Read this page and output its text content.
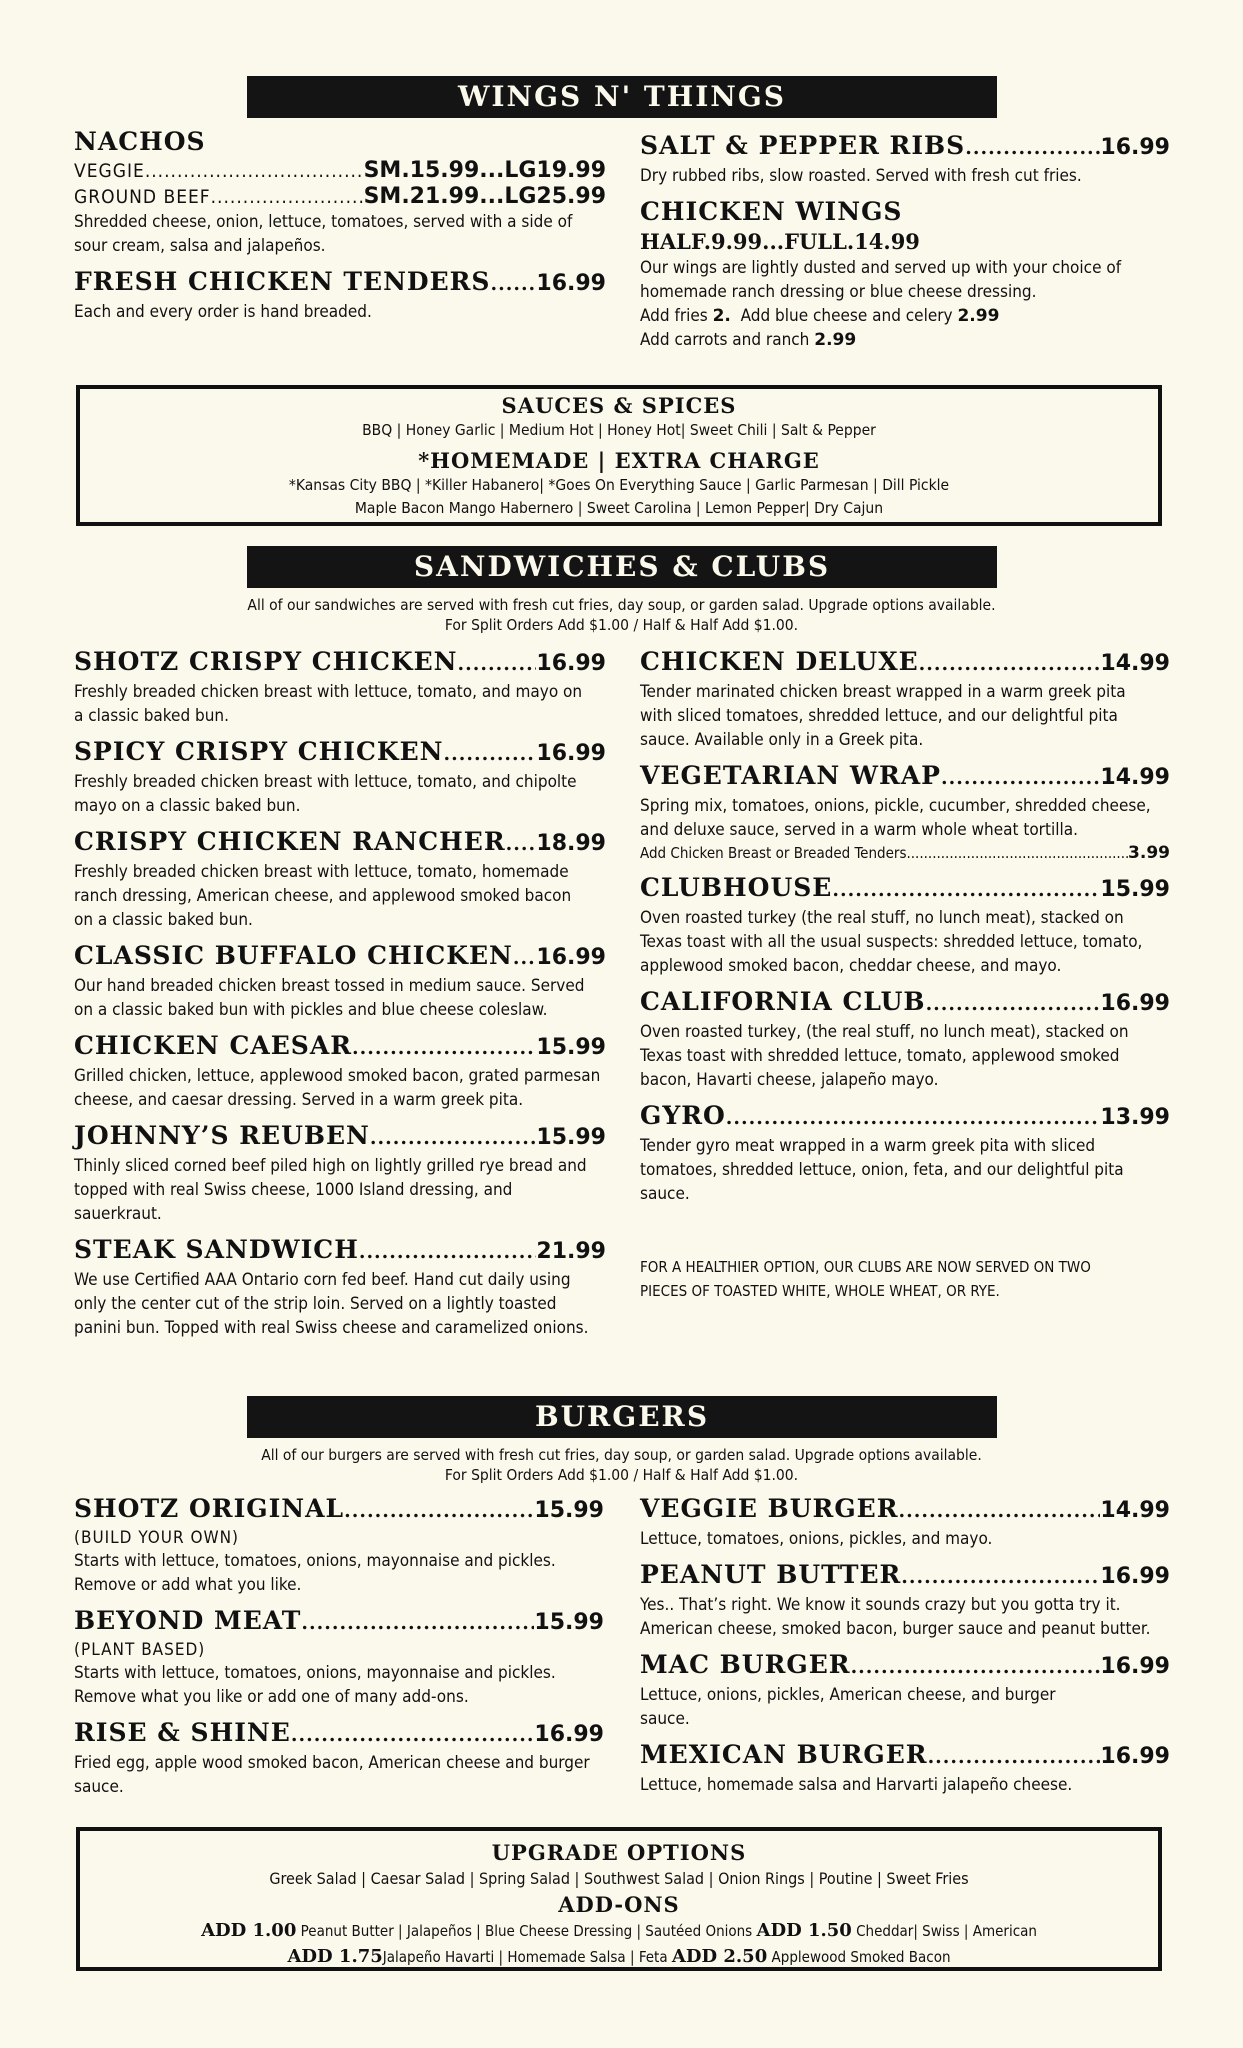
WINGS N' THINGS
NACHOS
VEGGIE .....	SM.15.99...LG19.99
GROUND BEEF .....	SM.21.99...LG25.99
Shredded cheese, onion, lettuce, tomatoes, served with a side of sour cream, salsa and jalapeños.
FRESH CHICKEN TENDERS ..... 16.99
Each and every order is hand breaded.
SALT & PEPPER RIBS .....	16.99
Dry rubbed ribs, slow roasted. Served with fresh cut fries.
CHICKEN WINGS
HALF.9.99...FULL.14.99
Our wings are lightly dusted and served up with your choice of homemade ranch dressing or blue cheese dressing.
Add fries 2. Add blue cheese and celery 2.99
Add carrots and ranch 2.99
SAUCES & SPICES
BBQ | Honey Garlic | Medium Hot | Honey Hot| Sweet Chili | Salt & Pepper
*HOMEMADE | EXTRA CHARGE
*Kansas City BBQ | *Killer Habanero| *Goes On Everything Sauce | Garlic Parmesan | Dill Pickle
Maple Bacon Mango Habernero | Sweet Carolina | Lemon Pepper| Dry Cajun
SANDWICHES & CLUBS
All of our sandwiches are served with fresh cut fries, day soup, or garden salad. Upgrade options available.
For Split Orders Add $1.00 / Half & Half Add $1.00.
SHOTZ CRISPY CHICKEN .....	16.99
Freshly breaded chicken breast with lettuce, tomato, and mayo on a classic baked bun.
SPICY CRISPY CHICKEN .....	16.99
Freshly breaded chicken breast with lettuce, tomato, and chipolte mayo on a classic baked bun.
CRISPY CHICKEN RANCHER ..... 18.99
Freshly breaded chicken breast with lettuce, tomato, homemade ranch dressing, American cheese, and applewood smoked bacon on a classic baked bun.
CLASSIC BUFFALO CHICKEN ..... 16.99
Our hand breaded chicken breast tossed in medium sauce. Served on a classic baked bun with pickles and blue cheese coleslaw.
CHICKEN CAESAR .....	15.99
Grilled chicken, lettuce, applewood smoked bacon, grated parmesan cheese, and caesar dressing. Served in a warm greek pita.
JOHNNY’S REUBEN .....	15.99
Thinly sliced corned beef piled high on lightly grilled rye bread and topped with real Swiss cheese, 1000 Island dressing, and sauerkraut.
STEAK SANDWICH .....	21.99
We use Certified AAA Ontario corn fed beef. Hand cut daily using only the center cut of the strip loin. Served on a lightly toasted panini bun. Topped with real Swiss cheese and caramelized onions.
CHICKEN DELUXE .....	14.99
Tender marinated chicken breast wrapped in a warm greek pita with sliced tomatoes, shredded lettuce, and our delightful pita sauce. Available only in a Greek pita.
VEGETARIAN WRAP .....	14.99
Spring mix, tomatoes, onions, pickle, cucumber, shredded cheese, and deluxe sauce, served in a warm whole wheat tortilla.
Add Chicken Breast or Breaded Tenders .....	3.99
CLUBHOUSE .....	15.99
Oven roasted turkey (the real stuff, no lunch meat), stacked on Texas toast with all the usual suspects: shredded lettuce, tomato, applewood smoked bacon, cheddar cheese, and mayo.
CALIFORNIA CLUB .....	16.99
Oven roasted turkey, (the real stuff, no lunch meat), stacked on Texas toast with shredded lettuce, tomato, applewood smoked bacon, Havarti cheese, jalapeño mayo.
GYRO .....	13.99
Tender gyro meat wrapped in a warm greek pita with sliced tomatoes, shredded lettuce, onion, feta, and our delightful pita sauce.
FOR A HEALTHIER OPTION, OUR CLUBS ARE NOW SERVED ON TWO PIECES OF TOASTED WHITE, WHOLE WHEAT, OR RYE.
BURGERS
All of our burgers are served with fresh cut fries, day soup, or garden salad. Upgrade options available.
For Split Orders Add $1.00 / Half & Half Add $1.00.
SHOTZ ORIGINAL .....	15.99
(BUILD YOUR OWN)
Starts with lettuce, tomatoes, onions, mayonnaise and pickles. Remove or add what you like.
BEYOND MEAT .....	15.99
(PLANT BASED)
Starts with lettuce, tomatoes, onions, mayonnaise and pickles. Remove what you like or add one of many add-ons.
RISE & SHINE .....	16.99
Fried egg, apple wood smoked bacon, American cheese and burger sauce.
VEGGIE BURGER .....	14.99
Lettuce, tomatoes, onions, pickles, and mayo.
PEANUT BUTTER .....	16.99
Yes.. That’s right. We know it sounds crazy but you gotta try it. American cheese, smoked bacon, burger sauce and peanut butter.
MAC BURGER .....	16.99
Lettuce, onions, pickles, American cheese, and burger sauce.
MEXICAN BURGER .....	16.99
Lettuce, homemade salsa and Harvarti jalapeño cheese.
UPGRADE OPTIONS
Greek Salad | Caesar Salad | Spring Salad | Southwest Salad | Onion Rings | Poutine | Sweet Fries
ADD-ONS
ADD 1.00 Peanut Butter | Jalapeños | Blue Cheese Dressing | Sautéed Onions ADD 1.50 Cheddar| Swiss | American
ADD 1.75Jalapeño Havarti | Homemade Salsa | Feta ADD 2.50 Applewood Smoked Bacon
